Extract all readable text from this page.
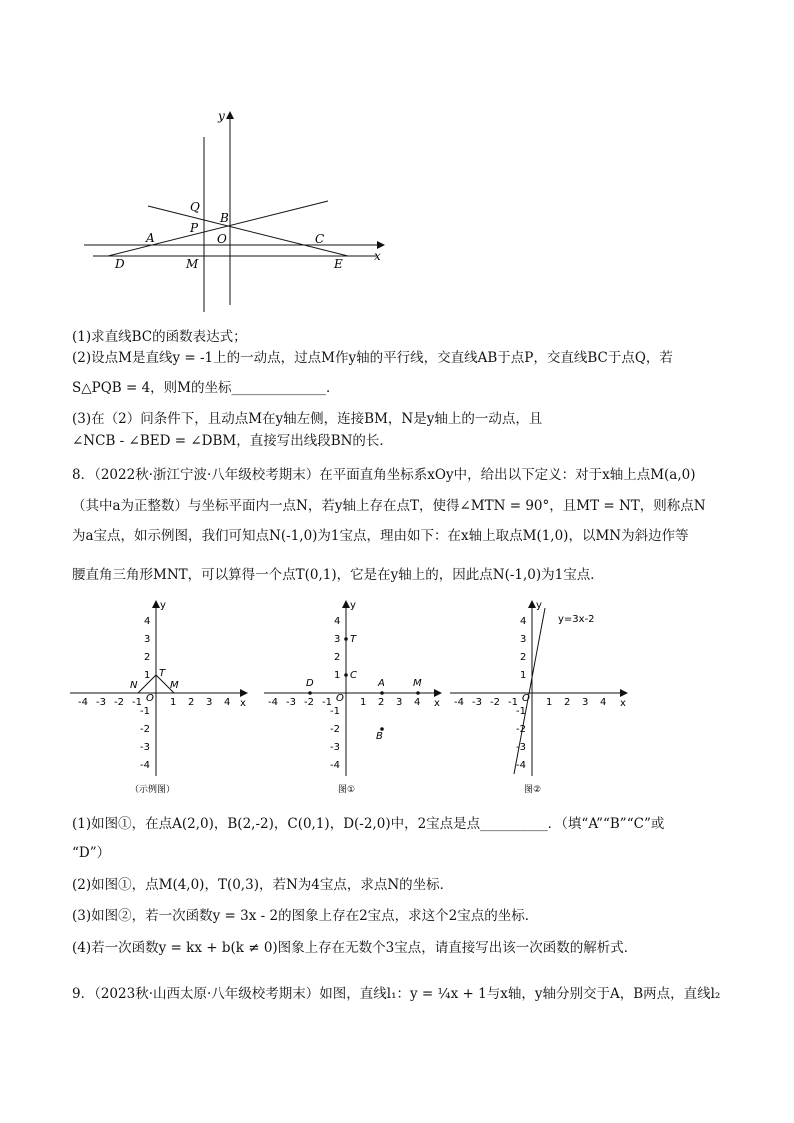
y
x
Q
B
P
A	O	C
D	M	E
(1)求直线BC的函数表达式；
(2)设点M是直线y = -1上的一动点，过点M作y轴的平行线，交直线AB于点P，交直线BC于点Q，若
S△PQB = 4，则M的坐标______________．
(3)在（2）问条件下，且动点M在y轴左侧，连接BM，N是y轴上的一动点，且
∠NCB - ∠BED = ∠DBM，直接写出线段BN的长．
8．（2022秋·浙江宁波·八年级校考期末）在平面直角坐标系xOy中，给出以下定义：对于x轴上点M(a,0)
（其中a为正整数）与坐标平面内一点N，若y轴上存在点T，使得∠MTN = 90°，且MT = NT，则称点N
为a宝点，如示例图，我们可知点N(-1,0)为1宝点，理由如下：在x轴上取点M(1,0)，以MN为斜边作等
腰直角三角形MNT，可以算得一个点T(0,1)，它是在y轴上的，因此点N(-1,0)为1宝点．
y
x
O
-4 -3 -2 -1	1 2 3 4
4
3
2
1
-1
-2
-3
-4
N
T
M
（示例图）
y
x
O
-4 -3 -2 -1	1 2 3 4
4
3
2
1
-1
-2
-3
-4
D	A	M
T
C
B
图①
y
x
O
-4 -3 -2 -1	1 2 3 4
4
3
2
1
-1
-2
-3
-4
y=3x-2
图②
(1)如图①，在点A(2,0)，B(2,-2)，C(0,1)，D(-2,0)中，2宝点是点__________．（填“A”“B”“C”或
“D”）
(2)如图①，点M(4,0)，T(0,3)，若N为4宝点，求点N的坐标．
(3)如图②，若一次函数y = 3x - 2的图象上存在2宝点，求这个2宝点的坐标．
(4)若一次函数y = kx + b(k ≠ 0)图象上存在无数个3宝点，请直接写出该一次函数的解析式．
9．（2023秋·山西太原·八年级校考期末）如图，直线l₁：y = ¼x + 1与x轴，y轴分别交于A，B两点，直线l₂
